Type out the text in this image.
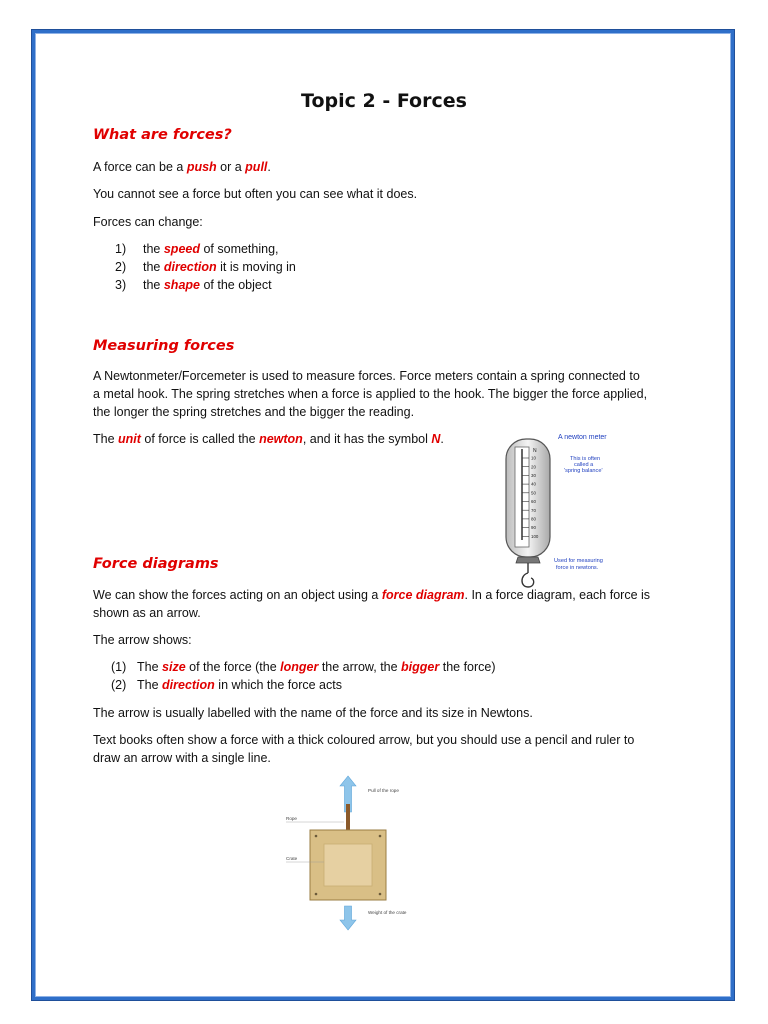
Topic 2 - Forces
What are forces?

A force can be a push or a pull.

You cannot see a force but often you can see what it does.

Forces can change:

1) the speed of something,
2) the direction it is moving in
3) the shape of the object
Measuring forces

A Newtonmeter/Forcemeter is used to measure forces. Force meters contain a spring connected to

a metal hook. The spring stretches when a force is applied to the hook. The bigger the force applied,

the longer the spring stretches and the bigger the reading.

The unit of force is called the newton, and it has the symbol N.

Force diagrams

We can show the forces acting on an object using a force diagram. In a force diagram, each force is

shown as an arrow.

The arrow shows:

(1) The size of the force (the longer the arrow, the bigger the force)
(2) The direction in which the force acts

The arrow is usually labelled with the name of the force and its size in Newtons.

Text books often show a force with a thick coloured arrow, but you should use a pencil and ruler to

draw an arrow with a single line.

10
20
30
40
50
60
70
80
90
100
N
A newton meter
This is often
called a
'spring balance'
Used for measuring
force in newtons.
Pull of the rope
Rope
Crate
Weight of the crate
